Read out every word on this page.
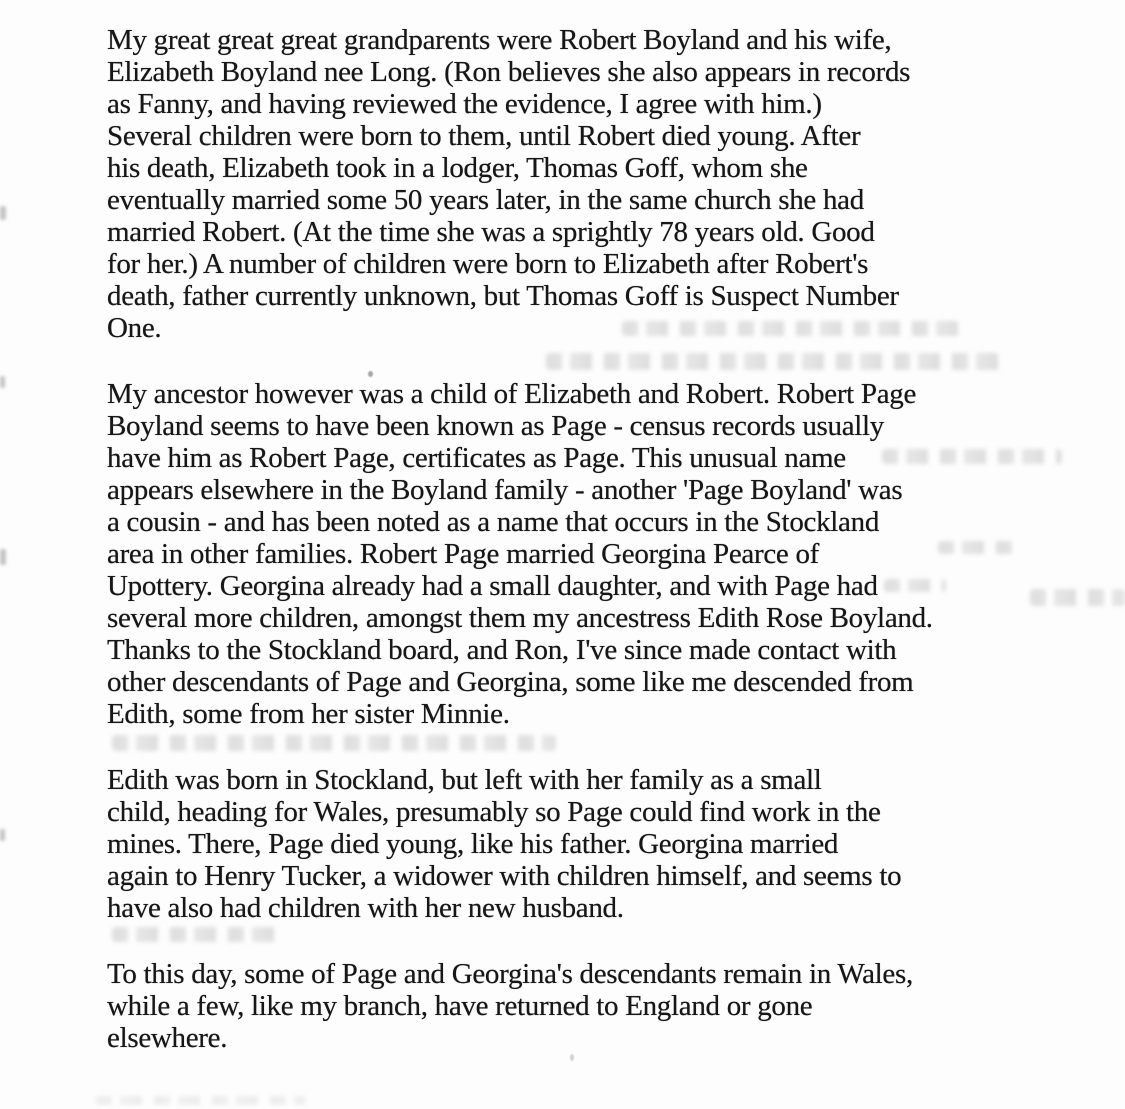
My great great great grandparents were Robert Boyland and his wife,
Elizabeth Boyland nee Long. (Ron believes she also appears in records
as Fanny, and having reviewed the evidence, I agree with him.)
Several children were born to them, until Robert died young. After
his death, Elizabeth took in a lodger, Thomas Goff, whom she
eventually married some 50 years later, in the same church she had
married Robert. (At the time she was a sprightly 78 years old. Good
for her.) A number of children were born to Elizabeth after Robert's
death, father currently unknown, but Thomas Goff is Suspect Number
One.
My ancestor however was a child of Elizabeth and Robert. Robert Page
Boyland seems to have been known as Page - census records usually
have him as Robert Page, certificates as Page. This unusual name
appears elsewhere in the Boyland family - another 'Page Boyland' was
a cousin - and has been noted as a name that occurs in the Stockland
area in other families. Robert Page married Georgina Pearce of
Upottery. Georgina already had a small daughter, and with Page had
several more children, amongst them my ancestress Edith Rose Boyland.
Thanks to the Stockland board, and Ron, I've since made contact with
other descendants of Page and Georgina, some like me descended from
Edith, some from her sister Minnie.
Edith was born in Stockland, but left with her family as a small
child, heading for Wales, presumably so Page could find work in the
mines. There, Page died young, like his father. Georgina married
again to Henry Tucker, a widower with children himself, and seems to
have also had children with her new husband.
To this day, some of Page and Georgina's descendants remain in Wales,
while a few, like my branch, have returned to England or gone
elsewhere.
